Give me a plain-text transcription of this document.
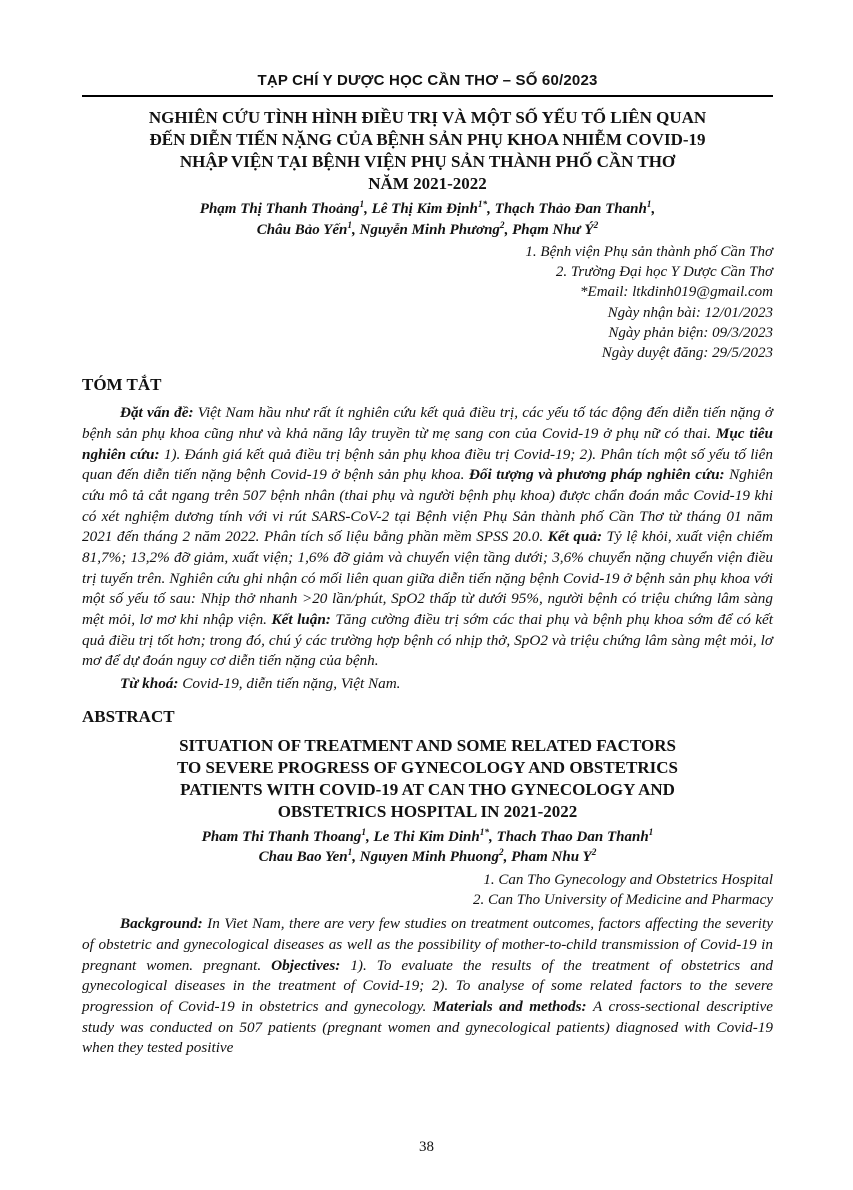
TẠP CHÍ Y DƯỢC HỌC CẦN THƠ – SỐ 60/2023
NGHIÊN CỨU TÌNH HÌNH ĐIỀU TRỊ VÀ MỘT SỐ YẾU TỐ LIÊN QUAN
ĐẾN DIỄN TIẾN NẶNG CỦA BỆNH SẢN PHỤ KHOA NHIỄM COVID-19
NHẬP VIỆN TẠI BỆNH VIỆN PHỤ SẢN THÀNH PHỐ CẦN THƠ
NĂM 2021-2022
Phạm Thị Thanh Thoảng$^1$, Lê Thị Kim Định$^{1*}$, Thạch Thảo Đan Thanh$^1$,
Châu Bảo Yến$^1$, Nguyễn Minh Phương$^2$, Phạm Như $Ý^2$
1. Bệnh viện Phụ sản thành phố Cần Thơ
2. Trường Đại học Y Dược Cần Thơ
*Email: ltkdinh019@gmail.com
Ngày nhận bài: 12/01/2023
Ngày phản biện: 09/3/2023
Ngày duyệt đăng: 29/5/2023
TÓM TẮT

Đặt vấn đề: Việt Nam hầu như rất ít nghiên cứu kết quả điều trị, các yếu tố tác động đến diễn tiến nặng ở bệnh sản phụ khoa cũng như và khả năng lây truyền từ mẹ sang con của Covid-19 ở phụ nữ có thai. Mục tiêu nghiên cứu: 1). Đánh giá kết quả điều trị bệnh sản phụ khoa điều trị Covid-19; 2). Phân tích một số yếu tố liên quan đến diễn tiến nặng bệnh Covid-19 ở bệnh sản phụ khoa. Đối tượng và phương pháp nghiên cứu: Nghiên cứu mô tả cắt ngang trên 507 bệnh nhân (thai phụ và người bệnh phụ khoa) được chẩn đoán mắc Covid-19 khi có xét nghiệm dương tính với vi rút SARS-CoV-2 tại Bệnh viện Phụ Sản thành phố Cần Thơ từ tháng 01 năm 2021 đến tháng 2 năm 2022. Phân tích số liệu bằng phần mềm SPSS 20.0. Kết quả: Tỷ lệ khỏi, xuất viện chiếm 81,7%; 13,2% đỡ giảm, xuất viện; 1,6% đỡ giảm và chuyển viện tầng dưới; 3,6% chuyển nặng chuyển viện điều trị tuyến trên. Nghiên cứu ghi nhận có mối liên quan giữa diễn tiến nặng bệnh Covid-19 ở bệnh sản phụ khoa với một số yếu tố sau: Nhịp thở nhanh >20 lần/phút, SpO2 thấp từ dưới 95%, người bệnh có triệu chứng lâm sàng mệt mỏi, lơ mơ khi nhập viện. Kết luận: Tăng cường điều trị sớm các thai phụ và bệnh phụ khoa sớm để có kết quả điều trị tốt hơn; trong đó, chú ý các trường hợp bệnh có nhịp thở, SpO2 và triệu chứng lâm sàng mệt mỏi, lơ mơ để dự đoán nguy cơ diễn tiến nặng của bệnh.

Từ khoá: Covid-19, diễn tiến nặng, Việt Nam.

ABSTRACT
SITUATION OF TREATMENT AND SOME RELATED FACTORS
TO SEVERE PROGRESS OF GYNECOLOGY AND OBSTETRICS
PATIENTS WITH COVID-19 AT CAN THO GYNECOLOGY AND
OBSTETRICS HOSPITAL IN 2021-2022
Pham Thi Thanh Thoang$^1$, Le Thi Kim Dinh$^{1*}$, Thach Thao Dan Thanh$^1$
Chau Bao Yen$^1$, Nguyen Minh Phuong$^2$, Pham Nhu $Y^2$
1. Can Tho Gynecology and Obstetrics Hospital
2. Can Tho University of Medicine and Pharmacy

Background: In Viet Nam, there are very few studies on treatment outcomes, factors affecting the severity of obstetric and gynecological diseases as well as the possibility of mother-to-child transmission of Covid-19 in pregnant women. pregnant. Objectives: 1). To evaluate the results of the treatment of obstetrics and gynecological diseases in the treatment of Covid-19; 2). To analyse of some related factors to the severe progression of Covid-19 in obstetrics and gynecology. Materials and methods: A cross-sectional descriptive study was conducted on 507 patients (pregnant women and gynecological patients) diagnosed with Covid-19 when they tested positive

38
